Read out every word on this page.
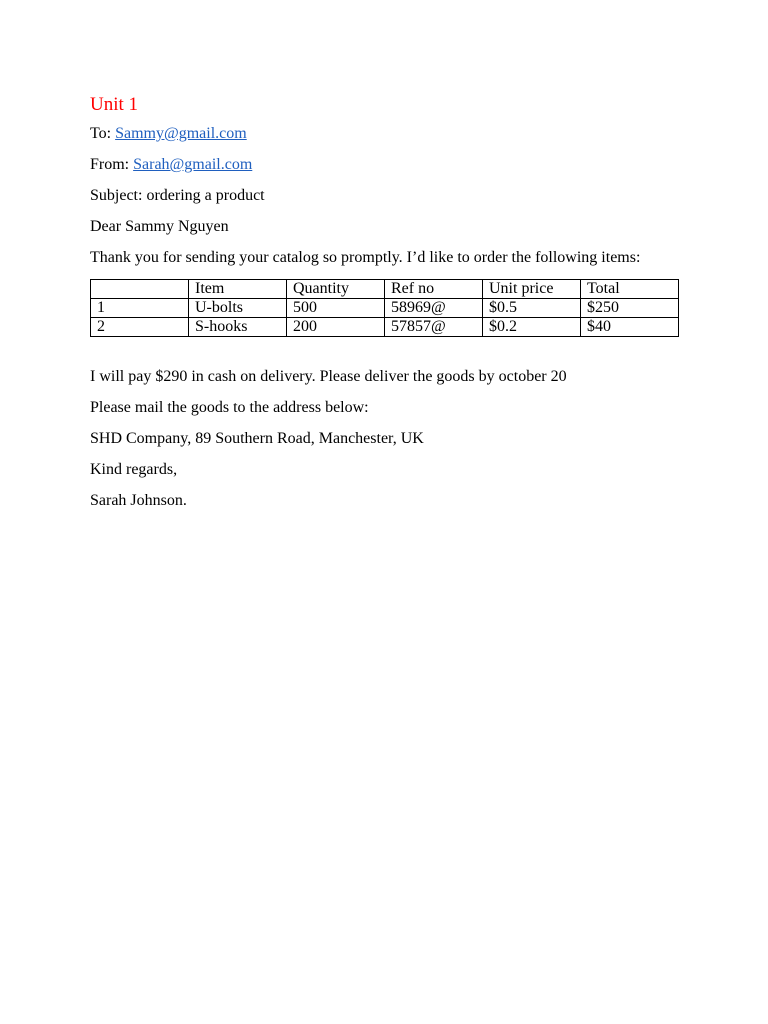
Unit 1
To: Sammy@gmail.com
From: Sarah@gmail.com
Subject: ordering a product
Dear Sammy Nguyen
Thank you for sending your catalog so promptly. I’d like to order the following items:
	Item	Quantity	Ref no	Unit price	Total
1	U-bolts	500	58969@	$0.5	$250
2	S-hooks	200	57857@	$0.2	$40
I will pay $290 in cash on delivery. Please deliver the goods by october 20
Please mail the goods to the address below:
SHD Company, 89 Southern Road, Manchester, UK
Kind regards,
Sarah Johnson.
